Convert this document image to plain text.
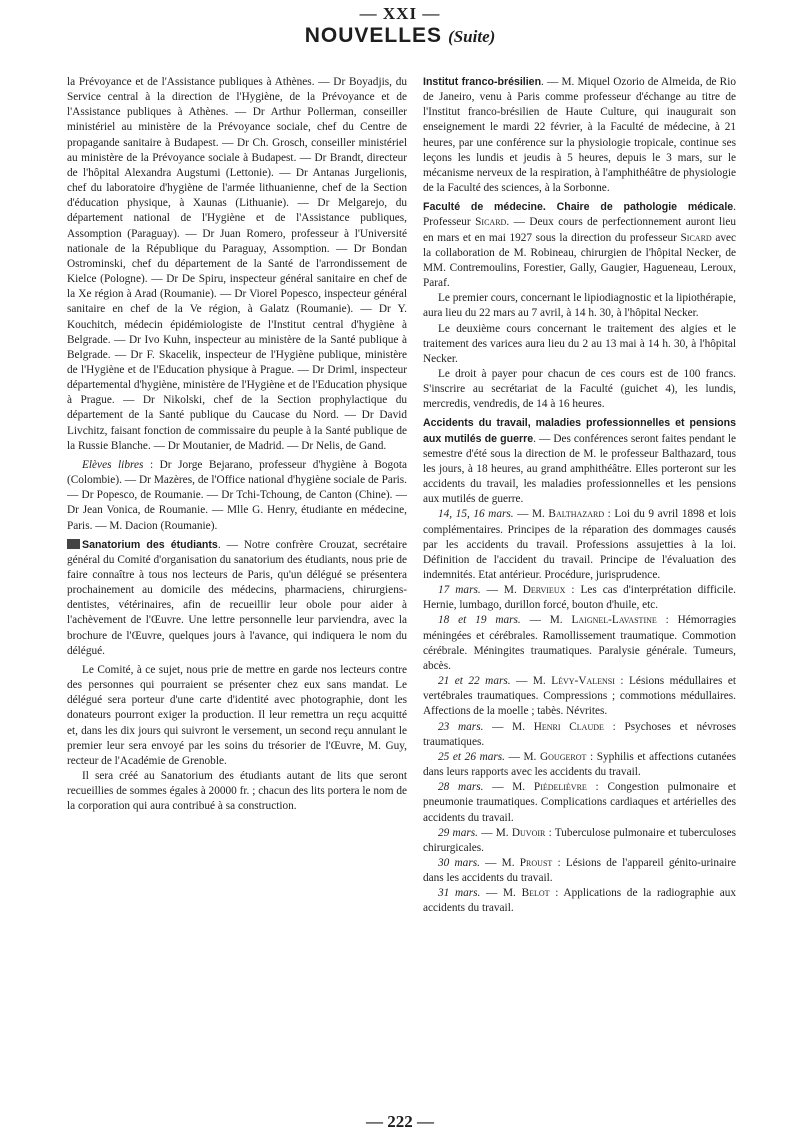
— XXI —
NOUVELLES (Suite)

la Prévoyance et de l'Assistance publiques à Athènes. — Dr Boyadjis, du Service central à la direction de l'Hygiène, de la Prévoyance et de l'Assistance publiques à Athènes. — Dr Arthur Pollerman, conseiller ministériel au ministère de la Prévoyance sociale, chef du Centre de propagande sanitaire à Budapest. — Dr Ch. Grosch, conseiller ministériel au ministère de la Prévoyance sociale à Budapest. — Dr Brandt, directeur de l'hôpital Alexandra Augstumi (Lettonie). — Dr Antanas Jurgelionis, chef du laboratoire d'hygiène de l'armée lithuanienne, chef de la Section d'éducation physique, à Xaunas (Lithuanie). — Dr Melgarejo, du département national de l'Hygiène et de l'Assistance publiques, Assomption (Paraguay). — Dr Juan Romero, professeur à l'Université nationale de la République du Paraguay, Assomption. — Dr Bondan Ostrominski, chef du département de la Santé de l'arrondissement de Kielce (Pologne). — Dr De Spiru, inspecteur général sanitaire en chef de la Xe région à Arad (Roumanie). — Dr Viorel Popesco, inspecteur général sanitaire en chef de la Ve région, à Galatz (Roumanie). — Dr Y. Kouchitch, médecin épidémiologiste de l'Institut central d'hygiène à Belgrade. — Dr Ivo Kuhn, inspecteur au ministère de la Santé publique à Belgrade. — Dr F. Skacelik, inspecteur de l'Hygiène publique, ministère de l'Hygiène et de l'Education physique à Prague. — Dr Driml, inspecteur départemental d'hygiène, ministère de l'Hygiène et de l'Education physique à Prague. — Dr Nikolski, chef de la Section prophylactique du département de la Santé publique du Caucase du Nord. — Dr David Livchitz, faisant fonction de commissaire du peuple à la Santé publique de la Russie Blanche. — Dr Moutanier, de Madrid. — Dr Nelis, de Gand.

Elèves libres : Dr Jorge Bejarano, professeur d'hygiène à Bogota (Colombie). — Dr Mazères, de l'Office national d'hygiène sociale de Paris. — Dr Popesco, de Roumanie. — Dr Tchi-Tchoung, de Canton (Chine). — Dr Jean Vonica, de Roumanie. — Mlle G. Henry, étudiante en médecine, Paris. — M. Dacion (Roumanie).

Sanatorium des étudiants. — Notre confrère Crouzat, secrétaire général du Comité d'organisation du sanatorium des étudiants, nous prie de faire connaître à tous nos lecteurs de Paris, qu'un délégué se présentera prochainement au domicile des médecins, pharmaciens, chirurgiens-dentistes, vétérinaires, afin de recueillir leur obole pour aider à l'achèvement de l'Œuvre. Une lettre personnelle leur parviendra, avec la brochure de l'Œuvre, quelques jours à l'avance, qui indiquera le nom du délégué.

Le Comité, à ce sujet, nous prie de mettre en garde nos lecteurs contre des personnes qui pourraient se présenter chez eux sans mandat. Le délégué sera porteur d'une carte d'identité avec photographie, dont les donateurs pourront exiger la production. Il leur remettra un reçu acquitté et, dans les dix jours qui suivront le versement, un second reçu annulant le premier leur sera envoyé par les soins du trésorier de l'Œuvre, M. Guy, recteur de l'Académie de Grenoble.

Il sera créé au Sanatorium des étudiants autant de lits que seront recueillies de sommes égales à 20000 fr. ; chacun des lits portera le nom de la corporation qui aura contribué à sa construction.

Institut franco-brésilien. — M. Miquel Ozorio de Almeida, de Rio de Janeiro, venu à Paris comme professeur d'échange au titre de l'Institut franco-brésilien de Haute Culture, qui inaugurait son enseignement le mardi 22 février, à la Faculté de médecine, à 21 heures, par une conférence sur la physiologie tropicale, continue ses leçons les lundis et jeudis à 5 heures, depuis le 3 mars, sur le mécanisme nerveux de la respiration, à l'amphithéâtre de physiologie de la Faculté des sciences, à la Sorbonne.

Faculté de médecine. Chaire de pathologie médicale. Professeur Sicard. — Deux cours de perfectionnement auront lieu en mars et en mai 1927 sous la direction du professeur Sicard avec la collaboration de M. Robineau, chirurgien de l'hôpital Necker, de MM. Contremoulins, Forestier, Gally, Gaugier, Hagueneau, Leroux, Paraf.

Le premier cours, concernant le lipiodiagnostic et la lipiothérapie, aura lieu du 22 mars au 7 avril, à 14 h. 30, à l'hôpital Necker.

Le deuxième cours concernant le traitement des algies et le traitement des varices aura lieu du 2 au 13 mai à 14 h. 30, à l'hôpital Necker.

Le droit à payer pour chacun de ces cours est de 100 francs. S'inscrire au secrétariat de la Faculté (guichet 4), les lundis, mercredis, vendredis, de 14 à 16 heures.

Accidents du travail, maladies professionnelles et pensions aux mutilés de guerre. — Des conférences seront faites pendant le semestre d'été sous la direction de M. le professeur Balthazard, tous les jours, à 18 heures, au grand amphithéâtre. Elles porteront sur les accidents du travail, les maladies professionnelles et les pensions aux mutilés de guerre.

14, 15, 16 mars. — M. Balthazard : Loi du 9 avril 1898 et lois complémentaires. Principes de la réparation des dommages causés par les accidents du travail. Professions assujetties à la loi. Définition de l'accident du travail. Principe de l'évaluation des indemnités. Etat antérieur. Procédure, jurisprudence.

17 mars. — M. Dervieux : Les cas d'interprétation difficile. Hernie, lumbago, durillon forcé, bouton d'huile, etc.

18 et 19 mars. — M. Laignel-Lavastine : Hémorragies méningées et cérébrales. Ramollissement traumatique. Commotion cérébrale. Méningites traumatiques. Paralysie générale. Tumeurs, abcès.

21 et 22 mars. — M. Lévy-Valensi : Lésions médullaires et vertébrales traumatiques. Compressions ; commotions médullaires. Affections de la moelle ; tabès. Névrites.

23 mars. — M. Henri Claude : Psychoses et névroses traumatiques.

25 et 26 mars. — M. Gougerot : Syphilis et affections cutanées dans leurs rapports avec les accidents du travail.

28 mars. — M. Piédelièvre : Congestion pulmonaire et pneumonie traumatiques. Complications cardiaques et artérielles des accidents du travail.

29 mars. — M. Duvoir : Tuberculose pulmonaire et tuberculoses chirurgicales.

30 mars. — M. Proust : Lésions de l'appareil génito-urinaire dans les accidents du travail.

31 mars. — M. Belot : Applications de la radiographie aux accidents du travail.

— 222 —
